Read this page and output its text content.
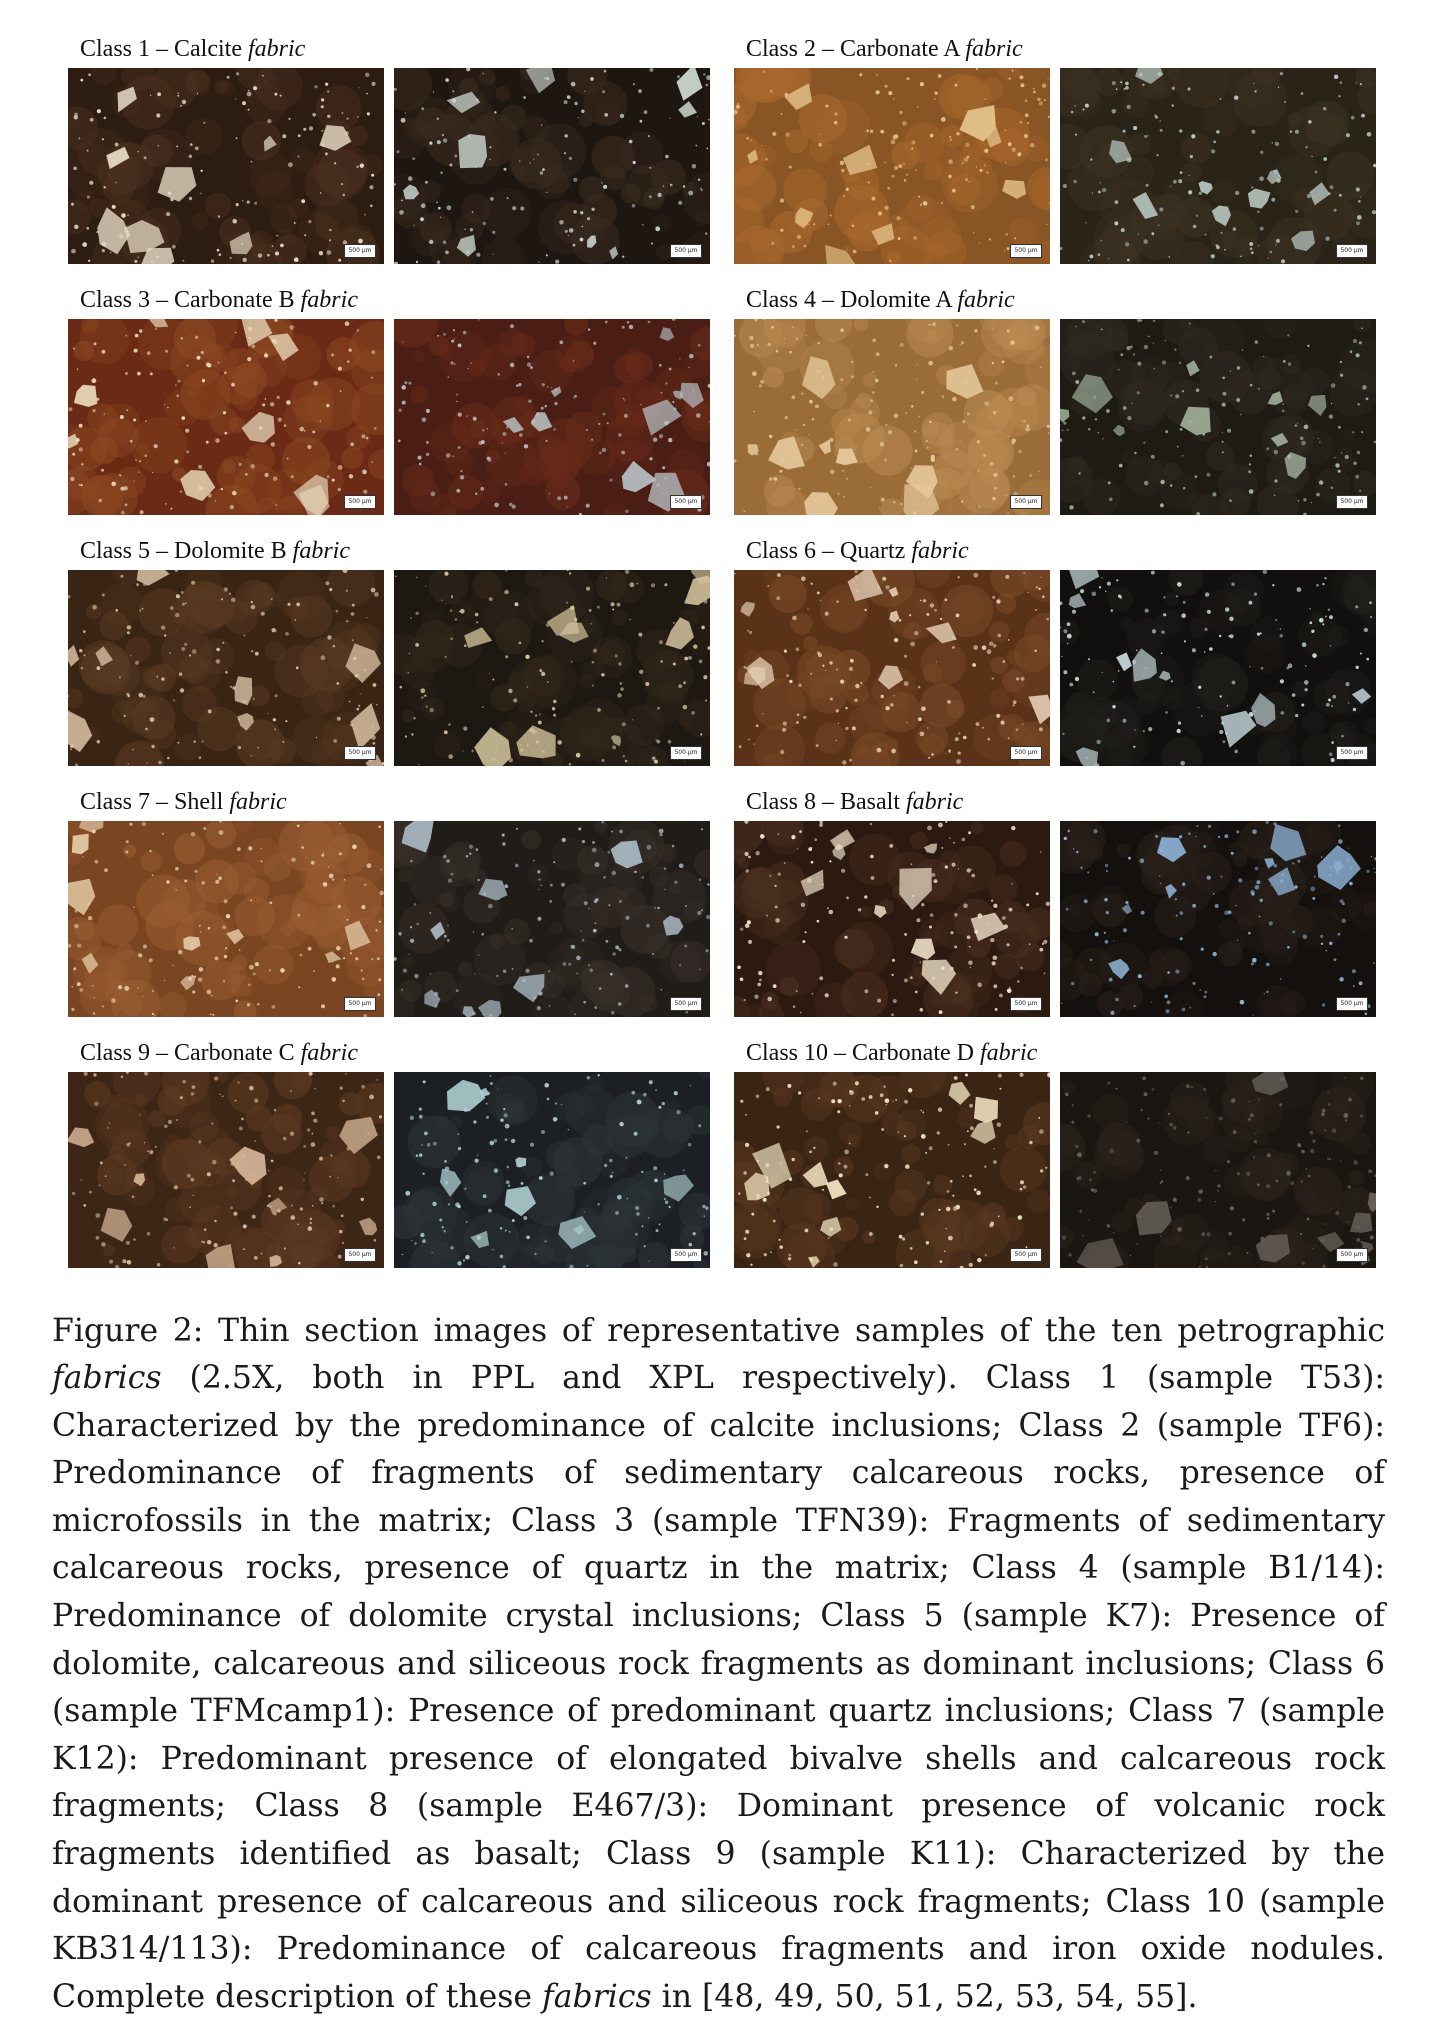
Class 1 – Calcite fabric
500 µm	500 µm
Class 2 – Carbonate A fabric
500 µm	500 µm
Class 3 – Carbonate B fabric
500 µm	500 µm
Class 4 – Dolomite A fabric
500 µm	500 µm
Class 5 – Dolomite B fabric
500 µm	500 µm
Class 6 – Quartz fabric
500 µm	500 µm
Class 7 – Shell fabric
500 µm	500 µm
Class 8 – Basalt fabric
500 µm	500 µm
Class 9 – Carbonate C fabric
500 µm	500 µm
Class 10 – Carbonate D fabric
500 µm	500 µm

Figure 2: Thin section images of representative samples of the ten petrographic fabrics (2.5X, both in PPL and XPL respectively). Class 1 (sample T53): Characterized by the predominance of calcite inclusions; Class 2 (sample TF6): Predominance of fragments of sedimentary calcareous rocks, presence of microfossils in the matrix; Class 3 (sample TFN39): Fragments of sedimentary calcareous rocks, presence of quartz in the matrix; Class 4 (sample B1/14): Predominance of dolomite crystal inclusions; Class 5 (sample K7): Presence of dolomite, calcareous and siliceous rock fragments as dominant inclusions; Class 6 (sample TFMcamp1): Presence of predominant quartz inclusions; Class 7 (sample K12): Predominant presence of elongated bivalve shells and calcareous rock fragments; Class 8 (sample E467/3): Dominant presence of volcanic rock fragments identified as basalt; Class 9 (sample K11): Characterized by the dominant presence of calcareous and siliceous rock fragments; Class 10 (sample KB314/113): Predominance of calcareous fragments and iron oxide nodules. Complete description of these fabrics in [48, 49, 50, 51, 52, 53, 54, 55].
